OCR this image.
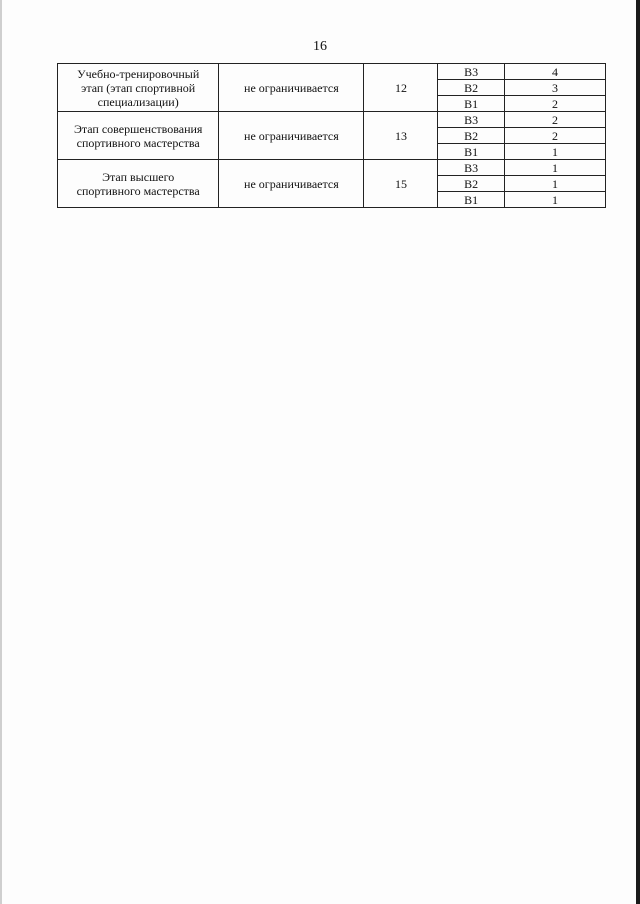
16
Учебно-тренировочный
этап (этап спортивной
специализации)	не ограничивается	12	В3	4
			В2	3
			В1	2

Этап совершенствования
спортивного мастерства	не ограничивается	13	В3	2
			В2	2
			В1	1

Этап высшего
спортивного мастерства	не ограничивается	15	В3	1
			В2	1
			В1	1
